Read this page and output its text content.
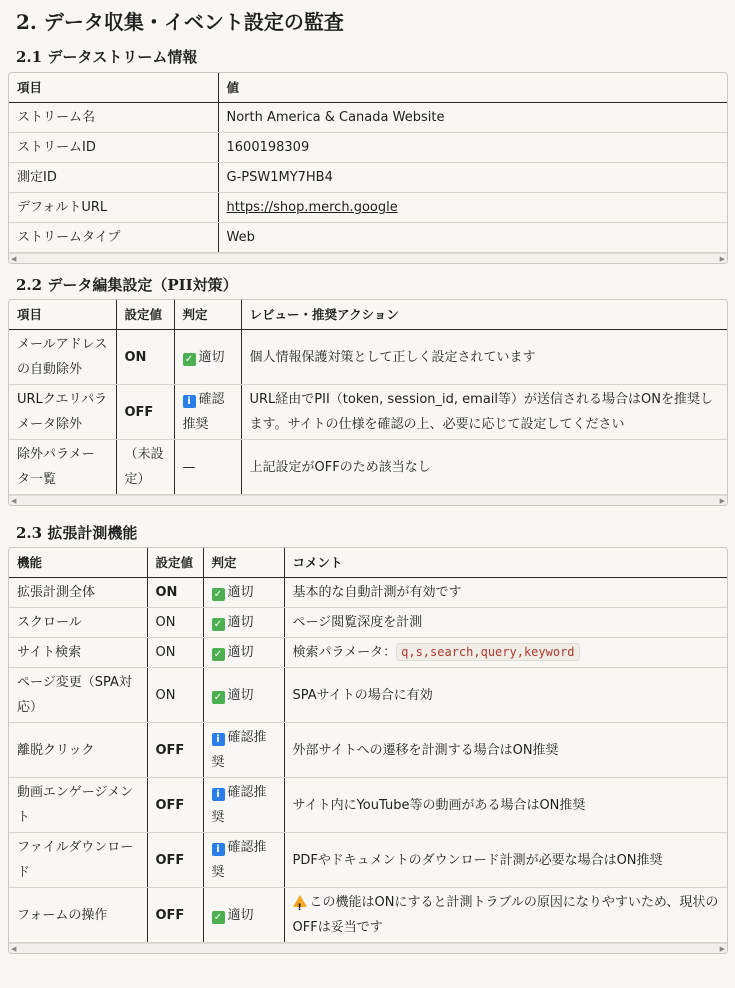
2. データ収集・イベント設定の監査
2.1 データストリーム情報
項目	値
ストリーム名	North America & Canada Website
ストリームID	1600198309
測定ID	G-PSW1MY7HB4
デフォルトURL	https://shop.merch.google
ストリームタイプ	Web
◀	▶
2.2 データ編集設定（PII対策）
項目	設定値	判定	レビュー・推奨アクション
メールアドレスの自動除外	ON	✓ 適切	個人情報保護対策として正しく設定されています
URLクエリパラメータ除外	OFF	i 確認推奨	URL経由でPII（token, session_id, email等）が送信される場合はONを推奨します。サイトの仕様を確認の上、必要に応じて設定してください
除外パラメータ一覧	（未設定）	—	上記設定がOFFのため該当なし
◀	▶
2.3 拡張計測機能
機能	設定値	判定	コメント
拡張計測全体	ON	✓ 適切	基本的な自動計測が有効です
スクロール	ON	✓ 適切	ページ閲覧深度を計測
サイト検索	ON	✓ 適切	検索パラメータ： q,s,search,query,keyword
ページ変更（SPA対応）	ON	✓ 適切	SPAサイトの場合に有効
離脱クリック	OFF	i 確認推奨	外部サイトへの遷移を計測する場合はON推奨
動画エンゲージメント	OFF	i 確認推奨	サイト内にYouTube等の動画がある場合はON推奨
ファイルダウンロード	OFF	i 確認推奨	PDFやドキュメントのダウンロード計測が必要な場合はON推奨
フォームの操作	OFF	✓ 適切	!この機能はONにすると計測トラブルの原因になりやすいため、現状のOFFは妥当です
◀	▶
